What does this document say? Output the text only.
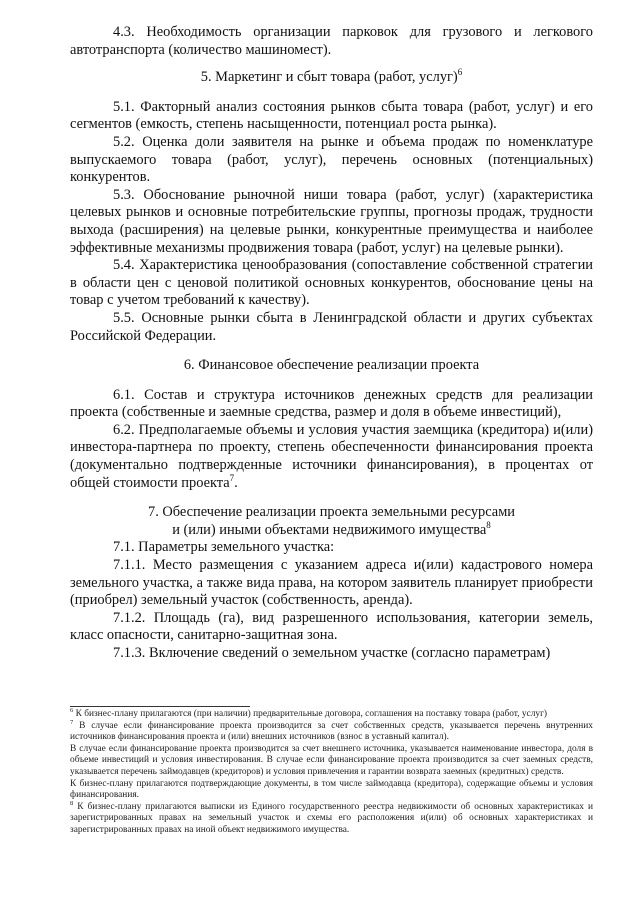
4.3. Необходимость организации парковок для грузового и легкового автотранспорта (количество машиномест).

5. Маркетинг и сбыт товара (работ, услуг)$^6$

5.1. Факторный анализ состояния рынков сбыта товара (работ, услуг) и его сегментов (емкость, степень насыщенности, потенциал роста рынка).

5.2. Оценка доли заявителя на рынке и объема продаж по номенклатуре выпускаемого товара (работ, услуг), перечень основных (потенциальных) конкурентов.

5.3. Обоснование рыночной ниши товара (работ, услуг) (характеристика целевых рынков и основные потребительские группы, прогнозы продаж, трудности выхода (расширения) на целевые рынки, конкурентные преимущества и наиболее эффективные механизмы продвижения товара (работ, услуг) на целевые рынки).

5.4. Характеристика ценообразования (сопоставление собственной стратегии в области цен с ценовой политикой основных конкурентов, обоснование цены на товар с учетом требований к качеству).

5.5. Основные рынки сбыта в Ленинградской области и других субъектах Российской Федерации.

6. Финансовое обеспечение реализации проекта

6.1. Состав и структура источников денежных средств для реализации проекта (собственные и заемные средства, размер и доля в объеме инвестиций),

6.2. Предполагаемые объемы и условия участия заемщика (кредитора) и(или) инвестора-партнера по проекту, степень обеспеченности финансирования проекта (документально подтвержденные источники финансирования), в процентах от общей стоимости проекта$^7$.

7. Обеспечение реализации проекта земельными ресурсами

и (или) иными объектами недвижимого имущества$^8$

7.1. Параметры земельного участка:

7.1.1. Место размещения с указанием адреса и(или) кадастрового номера земельного участка, а также вида права, на котором заявитель планирует приобрести (приобрел) земельный участок (собственность, аренда).

7.1.2. Площадь (га), вид разрешенного использования, категории земель, класс опасности, санитарно-защитная зона.

7.1.3. Включение сведений о земельном участке (согласно параметрам)

$^6$ К бизнес-плану прилагаются (при наличии) предварительные договора, соглашения на поставку товара (работ, услуг)

$^7$ В случае если финансирование проекта производится за счет собственных средств, указывается перечень внутренних источников финансирования проекта и (или) внешних источников (взнос в уставный капитал).

В случае если финансирование проекта производится за счет внешнего источника, указывается наименование инвестора, доля в объеме инвестиций и условия инвестирования. В случае если финансирование проекта производится за счет заемных средств, указывается перечень займодавцев (кредиторов) и условия привлечения и гарантии возврата заемных (кредитных) средств.

К бизнес-плану прилагаются подтверждающие документы, в том числе займодавца (кредитора), содержащие объемы и условия финансирования.

$^8$ К бизнес-плану прилагаются выписки из Единого государственного реестра недвижимости об основных характеристиках и зарегистрированных правах на земельный участок и схемы его расположения и(или) об основных характеристиках и зарегистрированных правах на иной объект недвижимого имущества.
